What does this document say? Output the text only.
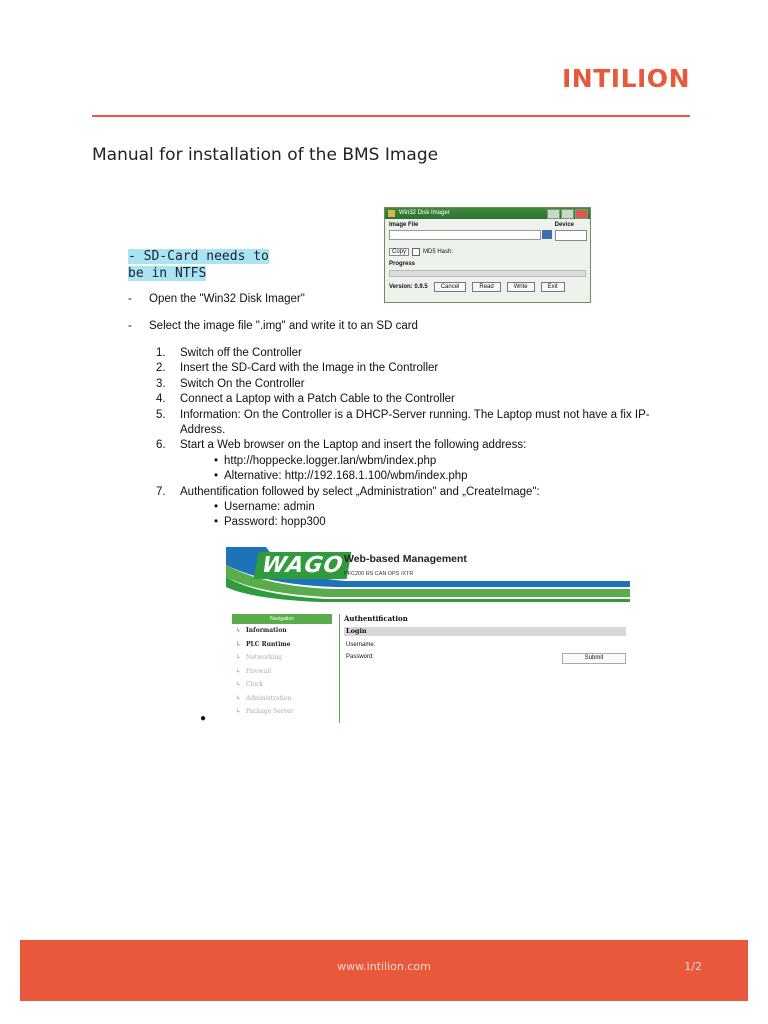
INTILION
Manual for installation of the BMS Image
Win32 Disk Imager
Image File	Device
Copy	MD5 Hash:
Progress
Version: 0.9.5	Cancel	Read	Write	Exit
- SD-Card needs to
be in NTFS
- Open the "Win32 Disk Imager"
- Select the image file ".img" and write it to an SD card
1. Switch off the Controller
2. Insert the SD-Card with the Image in the Controller
3. Switch On the Controller
4. Connect a Laptop with a Patch Cable to the Controller
5. Information: On the Controller is a DHCP-Server running. The Laptop must not have a fix IP-
Address.
6. Start a Web browser on the Laptop and insert the following address:
• http://hoppecke.logger.lan/wbm/index.php
• Alternative: http://192.168.1.100/wbm/index.php
7. Authentification followed by select „Administration" and „CreateImage":
• Username: admin
• Password: hopp300
WAGO
Web-based Management
PFC200 RS CAN DPS /XTR
Navigation
↳ Information
↳ PLC Runtime
↳ Networking
↳ Firewall
↳ Clock
↳ Administration
↳ Package Server
Authentification
Login
Username:
Password:	Submit
●
www.intilion.com	1/2
